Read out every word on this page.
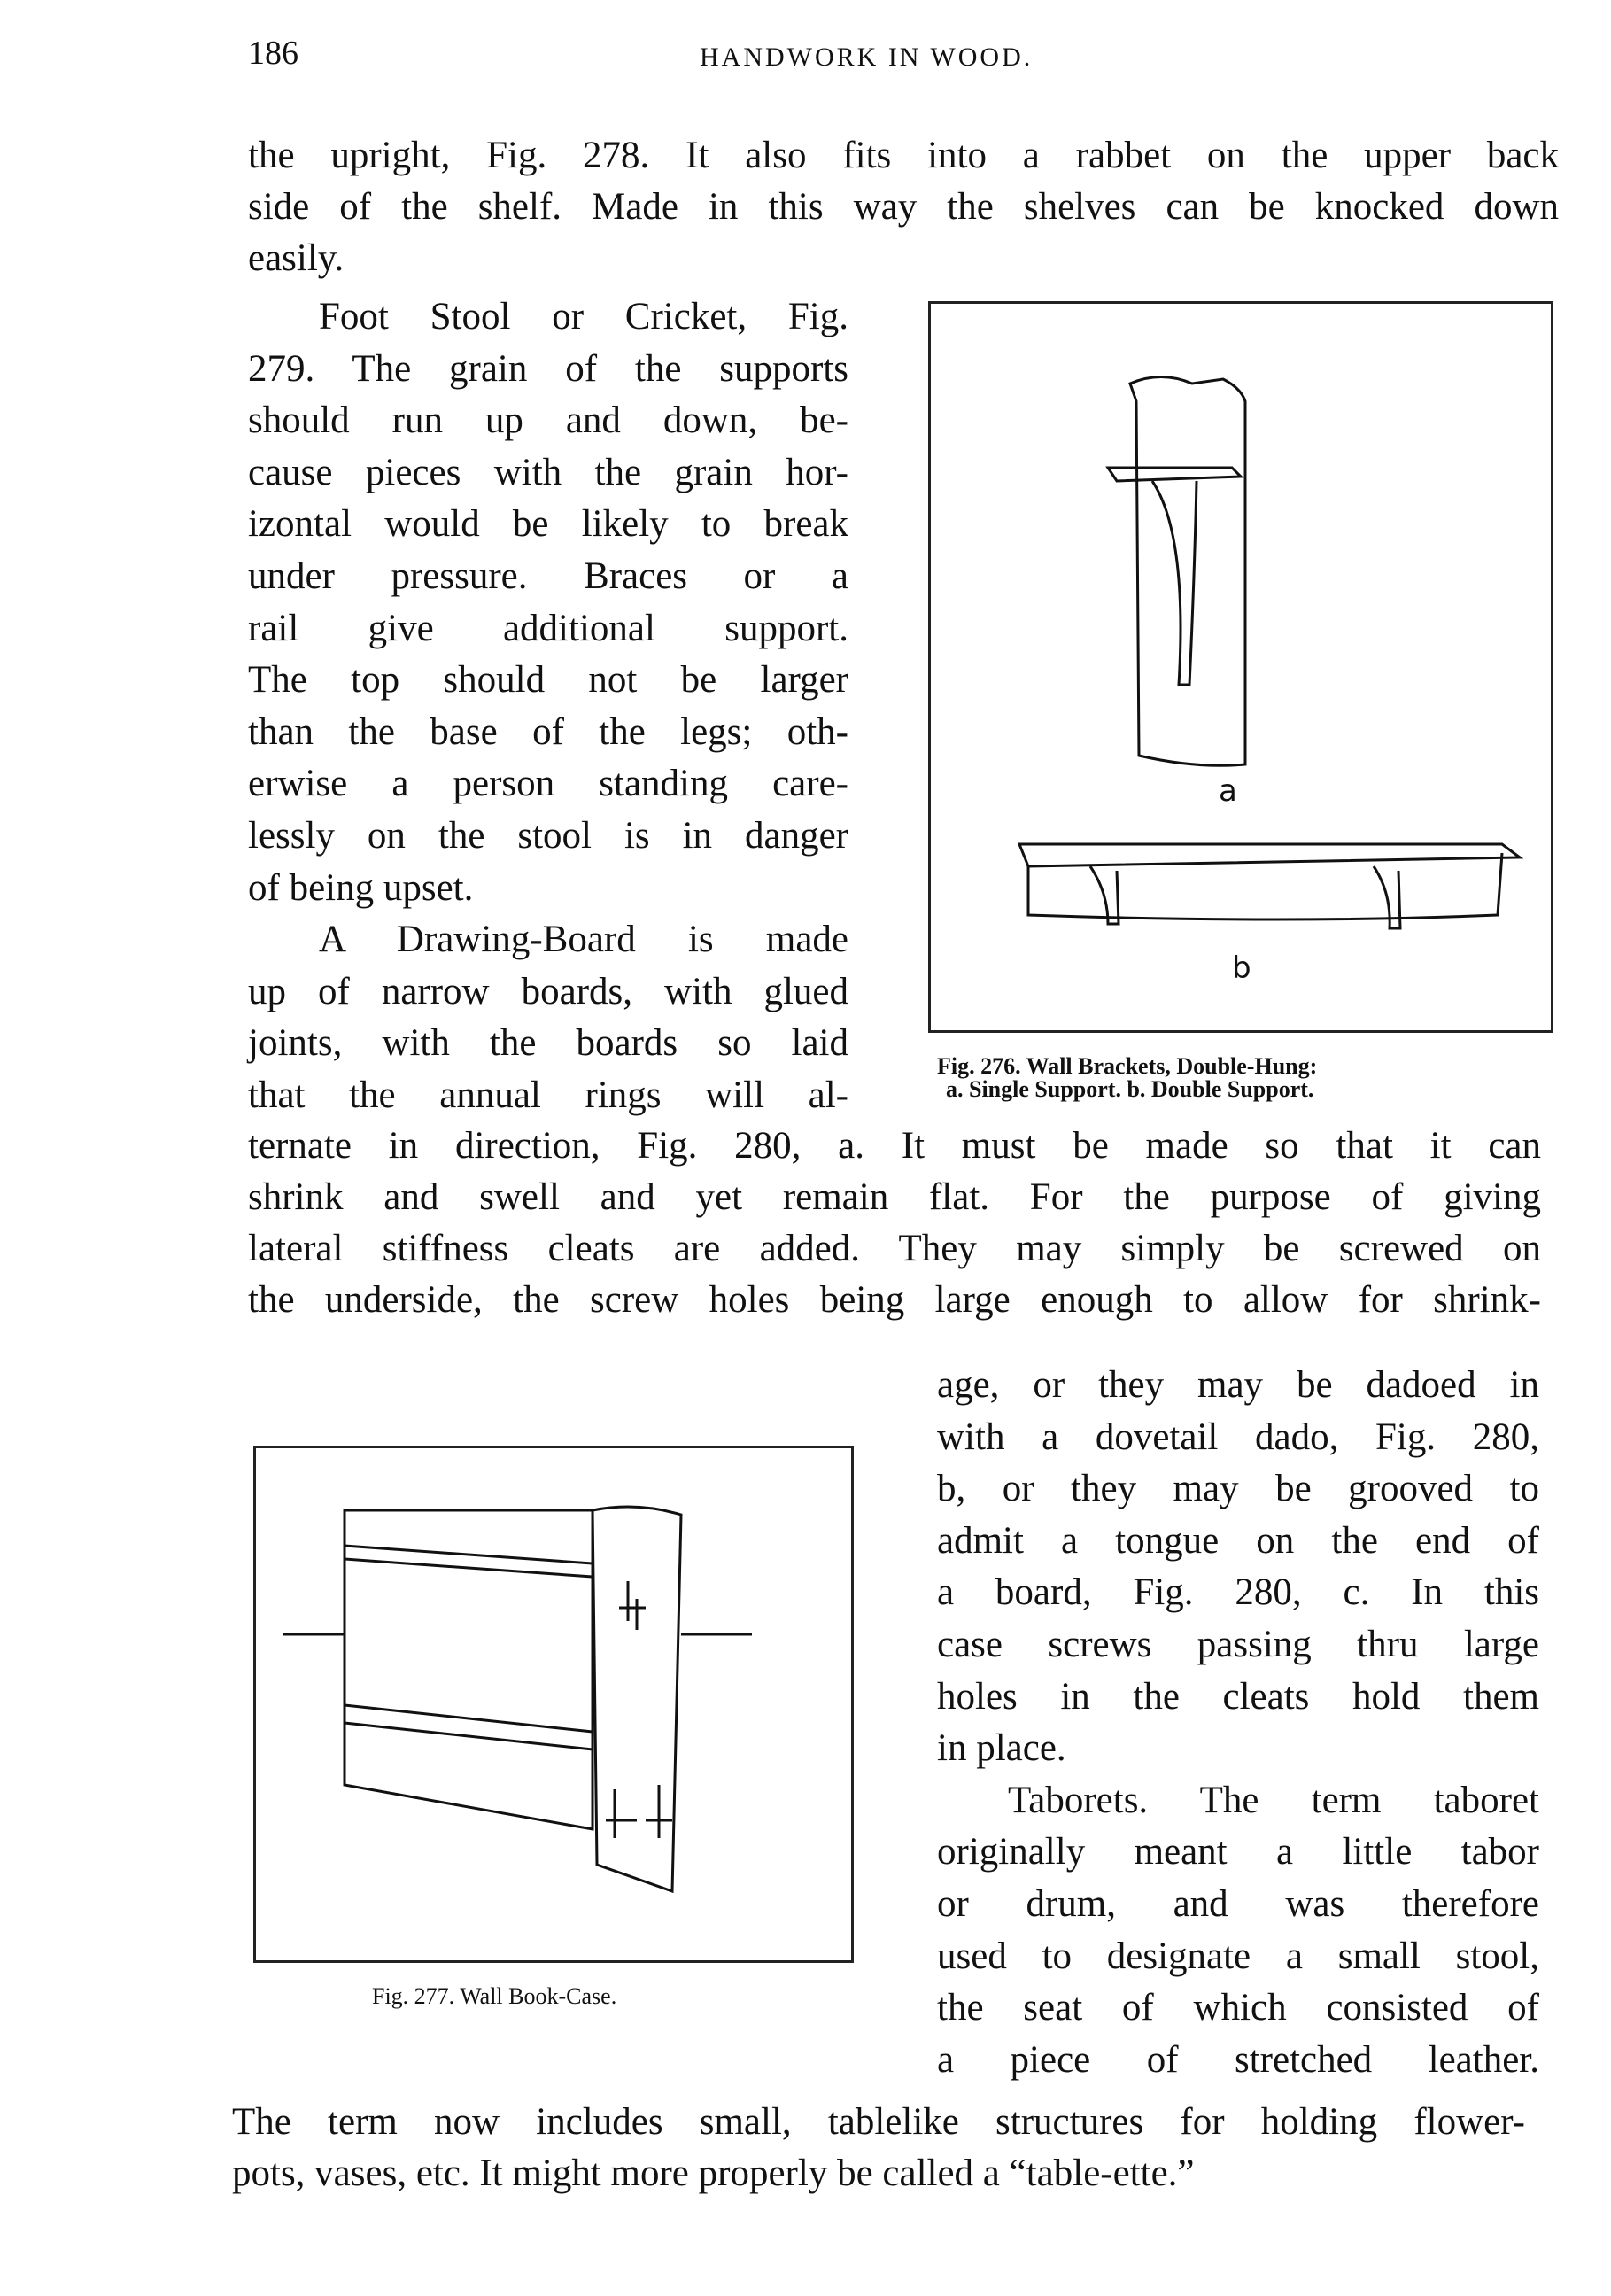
186	HANDWORK IN WOOD.
the upright, Fig. 278. It also fits into a rabbet on the upper back
side of the shelf. Made in this way the shelves can be knocked down
easily.
Foot Stool or Cricket, Fig.
279. The grain of the supports
should run up and down, be-
cause pieces with the grain hor-
izontal would be likely to break
under pressure. Braces or a
rail give additional support.
The top should not be larger
than the base of the legs; oth-
erwise a person standing care-
lessly on the stool is in danger
of being upset.
A Drawing-Board is made
up of narrow boards, with glued
joints, with the boards so laid
that the annual rings will al-
ternate in direction, Fig. 280, a. It must be made so that it can
shrink and swell and yet remain flat. For the purpose of giving
lateral stiffness cleats are added. They may simply be screwed on
the underside, the screw holes being large enough to allow for shrink-
age, or they may be dadoed in
with a dovetail dado, Fig. 280,
b, or they may be grooved to
admit a tongue on the end of
a board, Fig. 280, c. In this
case screws passing thru large
holes in the cleats hold them
in place.
Taborets. The term taboret
originally meant a little tabor
or drum, and was therefore
used to designate a small stool,
the seat of which consisted of
a piece of stretched leather.
The term now includes small, tablelike structures for holding flower-
pots, vases, etc. It might more properly be called a “table-ette.”
a
b
Fig. 276. Wall Brackets, Double-Hung:
a. Single Support. b. Double Support.
Fig. 277. Wall Book-Case.
